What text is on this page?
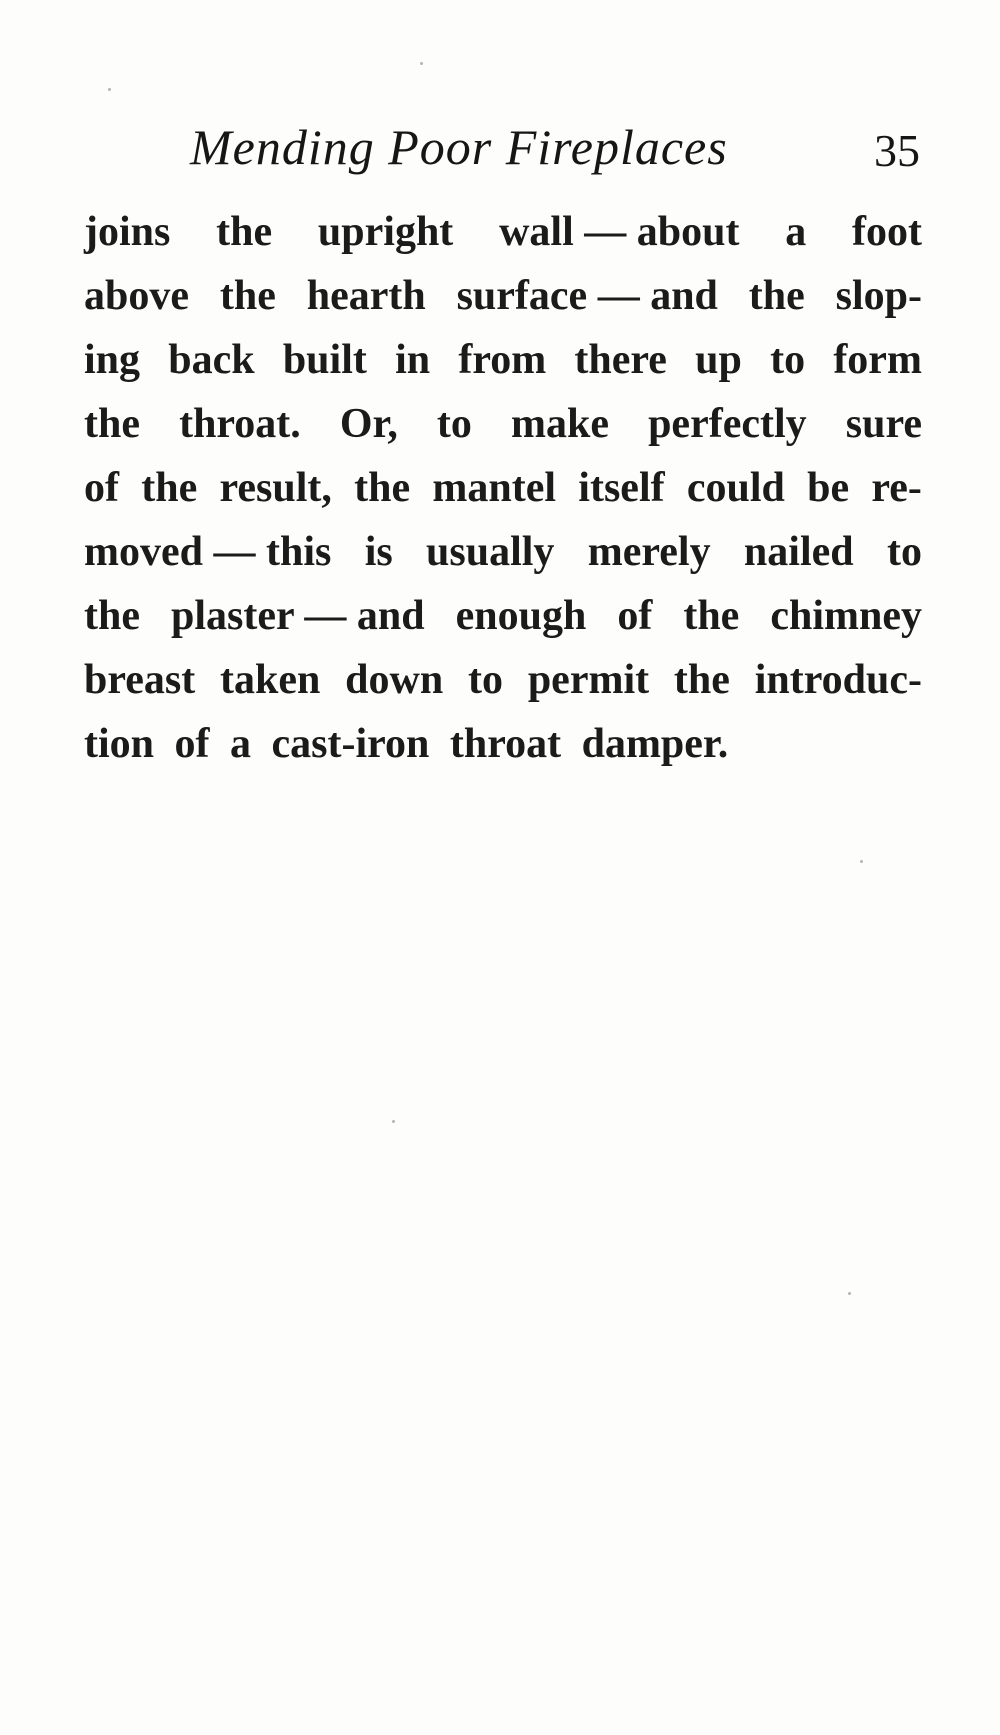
Mending Poor Fireplaces	35
joins the upright wall — about a foot
above the hearth surface — and the slop-
ing back built in from there up to form
the throat. Or, to make perfectly sure
of the result, the mantel itself could be re-
moved — this is usually merely nailed to
the plaster — and enough of the chimney
breast taken down to permit the introduc-
tion of a cast-iron throat damper.
